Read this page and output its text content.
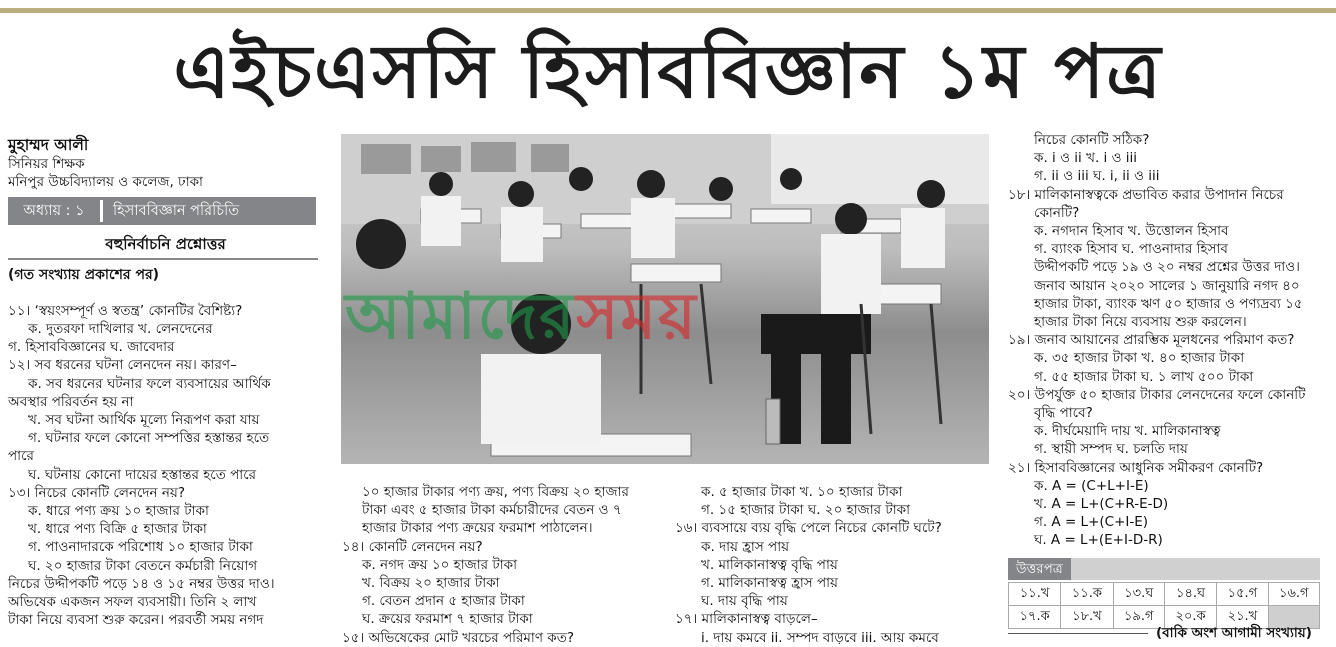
এইচএসসি হিসাববিজ্ঞান ১ম পত্র
মুহাম্মদ আলী
সিনিয়র শিক্ষক
মনিপুর উচ্চবিদ্যালয় ও কলেজ, ঢাকা
অধ্যায় : ১	হিসাববিজ্ঞান পরিচিতি
বহুনির্বাচনি প্রশ্নোত্তর
(গত সংখ্যায় প্রকাশের পর)
১১। ‘স্বয়ংসম্পূর্ণ ও স্বতন্ত্র’ কোনটির বৈশিষ্ট্য?
ক. দুতরফা দাখিলার খ. লেনদেনের
গ. হিসাববিজ্ঞানের ঘ. জাবেদার
১২। সব ধরনের ঘটনা লেনদেন নয়। কারণ–
ক. সব ধরনের ঘটনার ফলে ব্যবসায়ের আর্থিক
অবস্থার পরিবর্তন হয় না
খ. সব ঘটনা আর্থিক মূল্যে নিরূপণ করা যায়
গ. ঘটনার ফলে কোনো সম্পত্তির হস্তান্তর হতে
পারে
ঘ. ঘটনায় কোনো দায়ের হস্তান্তর হতে পারে
১৩। নিচের কোনটি লেনদেন নয়?
ক. ধারে পণ্য ক্রয় ১০ হাজার টাকা
খ. ধারে পণ্য বিক্রি ৫ হাজার টাকা
গ. পাওনাদারকে পরিশোধ ১০ হাজার টাকা
ঘ. ২০ হাজার টাকা বেতনে কর্মচারী নিয়োগ
নিচের উদ্দীপকটি পড়ে ১৪ ও ১৫ নম্বর উত্তর দাও।
অভিষেক একজন সফল ব্যবসায়ী। তিনি ২ লাখ
টাকা নিয়ে ব্যবসা শুরু করেন। পরবর্তী সময় নগদ
আমাদেরসময়
১০ হাজার টাকার পণ্য ক্রয়, পণ্য বিক্রয় ২০ হাজার
টাকা এবং ৫ হাজার টাকা কর্মচারীদের বেতন ও ৭
হাজার টাকার পণ্য ক্রয়ের ফরমাশ পাঠালেন।
১৪। কোনটি লেনদেন নয়?
ক. নগদ ক্রয় ১০ হাজার টাকা
খ. বিক্রয় ২০ হাজার টাকা
গ. বেতন প্রদান ৫ হাজার টাকা
ঘ. ক্রয়ের ফরমাশ ৭ হাজার টাকা
১৫। অভিষেকের মোট খরচের পরিমাণ কত?
ক. ৫ হাজার টাকা খ. ১০ হাজার টাকা
গ. ১৫ হাজার টাকা ঘ. ২০ হাজার টাকা
১৬। ব্যবসায়ে ব্যয় বৃদ্ধি পেলে নিচের কোনটি ঘটে?
ক. দায় হ্রাস পায়
খ. মালিকানাস্বত্ব বৃদ্ধি পায়
গ. মালিকানাস্বত্ব হ্রাস পায়
ঘ. দায় বৃদ্ধি পায়
১৭। মালিকানাস্বত্ব বাড়লে–
i. দায় কমবে ii. সম্পদ বাড়বে iii. আয় কমবে
নিচের কোনটি সঠিক?
ক. i ও ii খ. i ও iii
গ. ii ও iii ঘ. i, ii ও iii
১৮। মালিকানাস্বত্বকে প্রভাবিত করার উপাদান নিচের
কোনটি?
ক. নগদান হিসাব খ. উত্তোলন হিসাব
গ. ব্যাংক হিসাব ঘ. পাওনাদার হিসাব
উদ্দীপকটি পড়ে ১৯ ও ২০ নম্বর প্রশ্নের উত্তর দাও।
জনাব আয়ান ২০২০ সালের ১ জানুয়ারি নগদ ৪০
হাজার টাকা, ব্যাংক ঋণ ৫০ হাজার ও পণ্যদ্রব্য ১৫
হাজার টাকা নিয়ে ব্যবসায় শুরু করলেন।
১৯। জনাব আয়ানের প্রারম্ভিক মূলধনের পরিমাণ কত?
ক. ৩৫ হাজার টাকা খ. ৪০ হাজার টাকা
গ. ৫৫ হাজার টাকা ঘ. ১ লাখ ৫০০ টাকা
২০। উপর্যুক্ত ৫০ হাজার টাকার লেনদেনের ফলে কোনটি
বৃদ্ধি পাবে?
ক. দীর্ঘমেয়াদি দায় খ. মালিকানাস্বত্ব
গ. স্থায়ী সম্পদ ঘ. চলতি দায়
২১। হিসাববিজ্ঞানের আধুনিক সমীকরণ কোনটি?
ক. A = (C+L+I-E)
খ. A = L+(C+R-E-D)
গ. A = L+(C+I-E)
ঘ. A = L+(E+I-D-R)
উত্তরপত্র
১১.খ	১১.ক	১৩.ঘ	১৪.ঘ	১৫.গ	১৬.গ
১৭.ক	১৮.খ	১৯.গ	২০.ক	২১.খ	
(বাকি অংশ আগামী সংখ্যায়)
